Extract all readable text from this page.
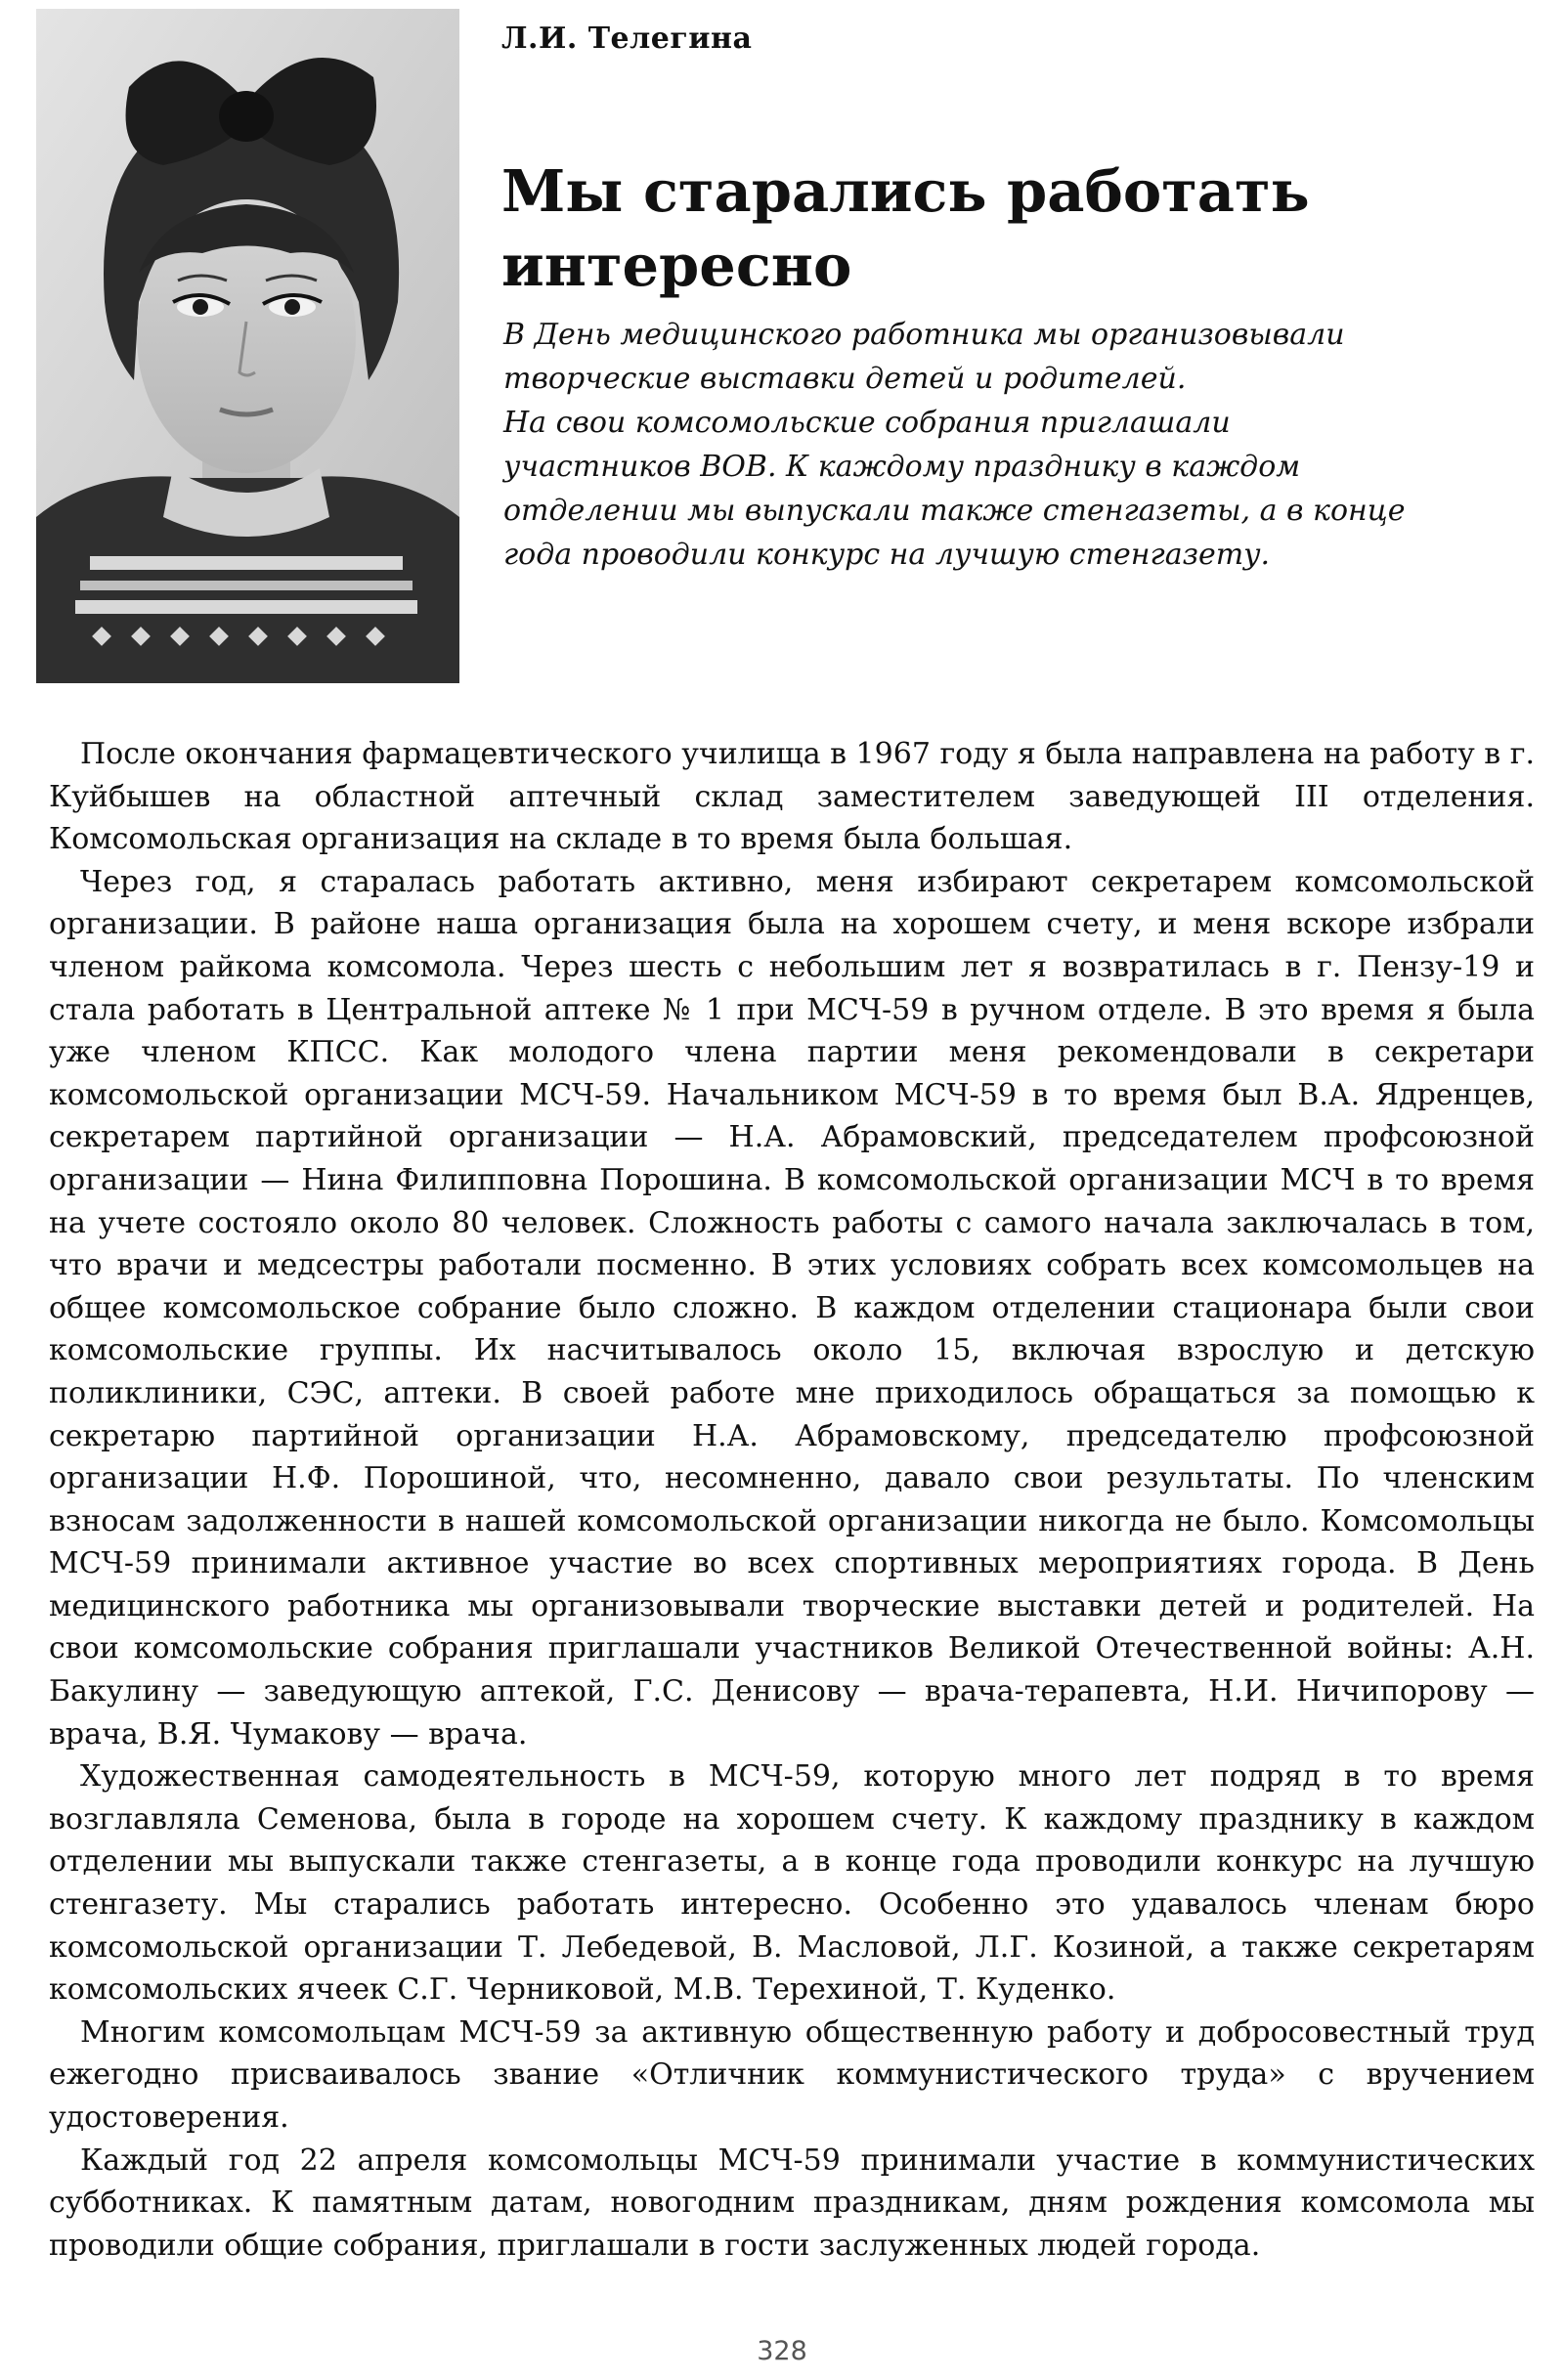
Л.И. Телегина
Мы старались работать интересно
В День медицинского работника мы организовывали
творческие выставки детей и родителей.
На свои комсомольские собрания приглашали
участников ВОВ. К каждому празднику в каждом
отделении мы выпускали также стенгазеты, а в конце
года проводили конкурс на лучшую стенгазету.

После окончания фармацевтического училища в 1967 году я была направлена на работу в г. Куйбышев на областной аптечный склад заместителем заведующей III отделения. Комсомольская организация на складе в то время была большая.

Через год, я старалась работать активно, меня избирают секретарем комсомольской организации. В районе наша организация была на хорошем счету, и меня вскоре избрали членом райкома комсомола. Через шесть с небольшим лет я возвратилась в г. Пензу-19 и стала работать в Центральной аптеке № 1 при МСЧ-59 в ручном отделе. В это время я была уже членом КПСС. Как молодого члена партии меня рекомендовали в секретари комсомольской организации МСЧ-59. Начальником МСЧ-59 в то время был В.А. Ядренцев, секретарем партийной организации — Н.А. Абрамовский, председателем профсоюзной организации — Нина Филипповна Порошина. В комсомольской организации МСЧ в то время на учете состояло около 80 человек. Сложность работы с самого начала заключалась в том, что врачи и медсестры работали посменно. В этих условиях собрать всех комсомольцев на общее комсомольское собрание было сложно. В каждом отделении стационара были свои комсомольские группы. Их насчитывалось около 15, включая взрослую и детскую поликлиники, СЭС, аптеки. В своей работе мне приходилось обращаться за помощью к секретарю партийной организации Н.А. Абрамовскому, председателю профсоюзной организации Н.Ф. Порошиной, что, несомненно, давало свои результаты. По членским взносам задолженности в нашей комсомольской организации никогда не было. Комсомольцы МСЧ-59 принимали активное участие во всех спортивных мероприятиях города. В День медицинского работника мы организовывали творческие выставки детей и родителей. На свои комсомольские собрания приглашали участников Великой Отечественной войны: А.Н. Бакулину — заведующую аптекой, Г.С. Денисову — врача-терапевта, Н.И. Ничипорову — врача, В.Я. Чумакову — врача.

Художественная самодеятельность в МСЧ-59, которую много лет подряд в то время возглавляла Семенова, была в городе на хорошем счету. К каждому празднику в каждом отделении мы выпускали также стенгазеты, а в конце года проводили конкурс на лучшую стенгазету. Мы старались работать интересно. Особенно это удавалось членам бюро комсомольской организации Т. Лебедевой, В. Масловой, Л.Г. Козиной, а также секретарям комсомольских ячеек С.Г. Черниковой, М.В. Терехиной, Т. Куденко.

Многим комсомольцам МСЧ-59 за активную общественную работу и добросовестный труд ежегодно присваивалось звание «Отличник коммунистического труда» с вручением удостоверения.

Каждый год 22 апреля комсомольцы МСЧ-59 принимали участие в коммунистических субботниках. К памятным датам, новогодним праздникам, дням рождения комсомола мы проводили общие собрания, приглашали в гости заслуженных людей города.

328
